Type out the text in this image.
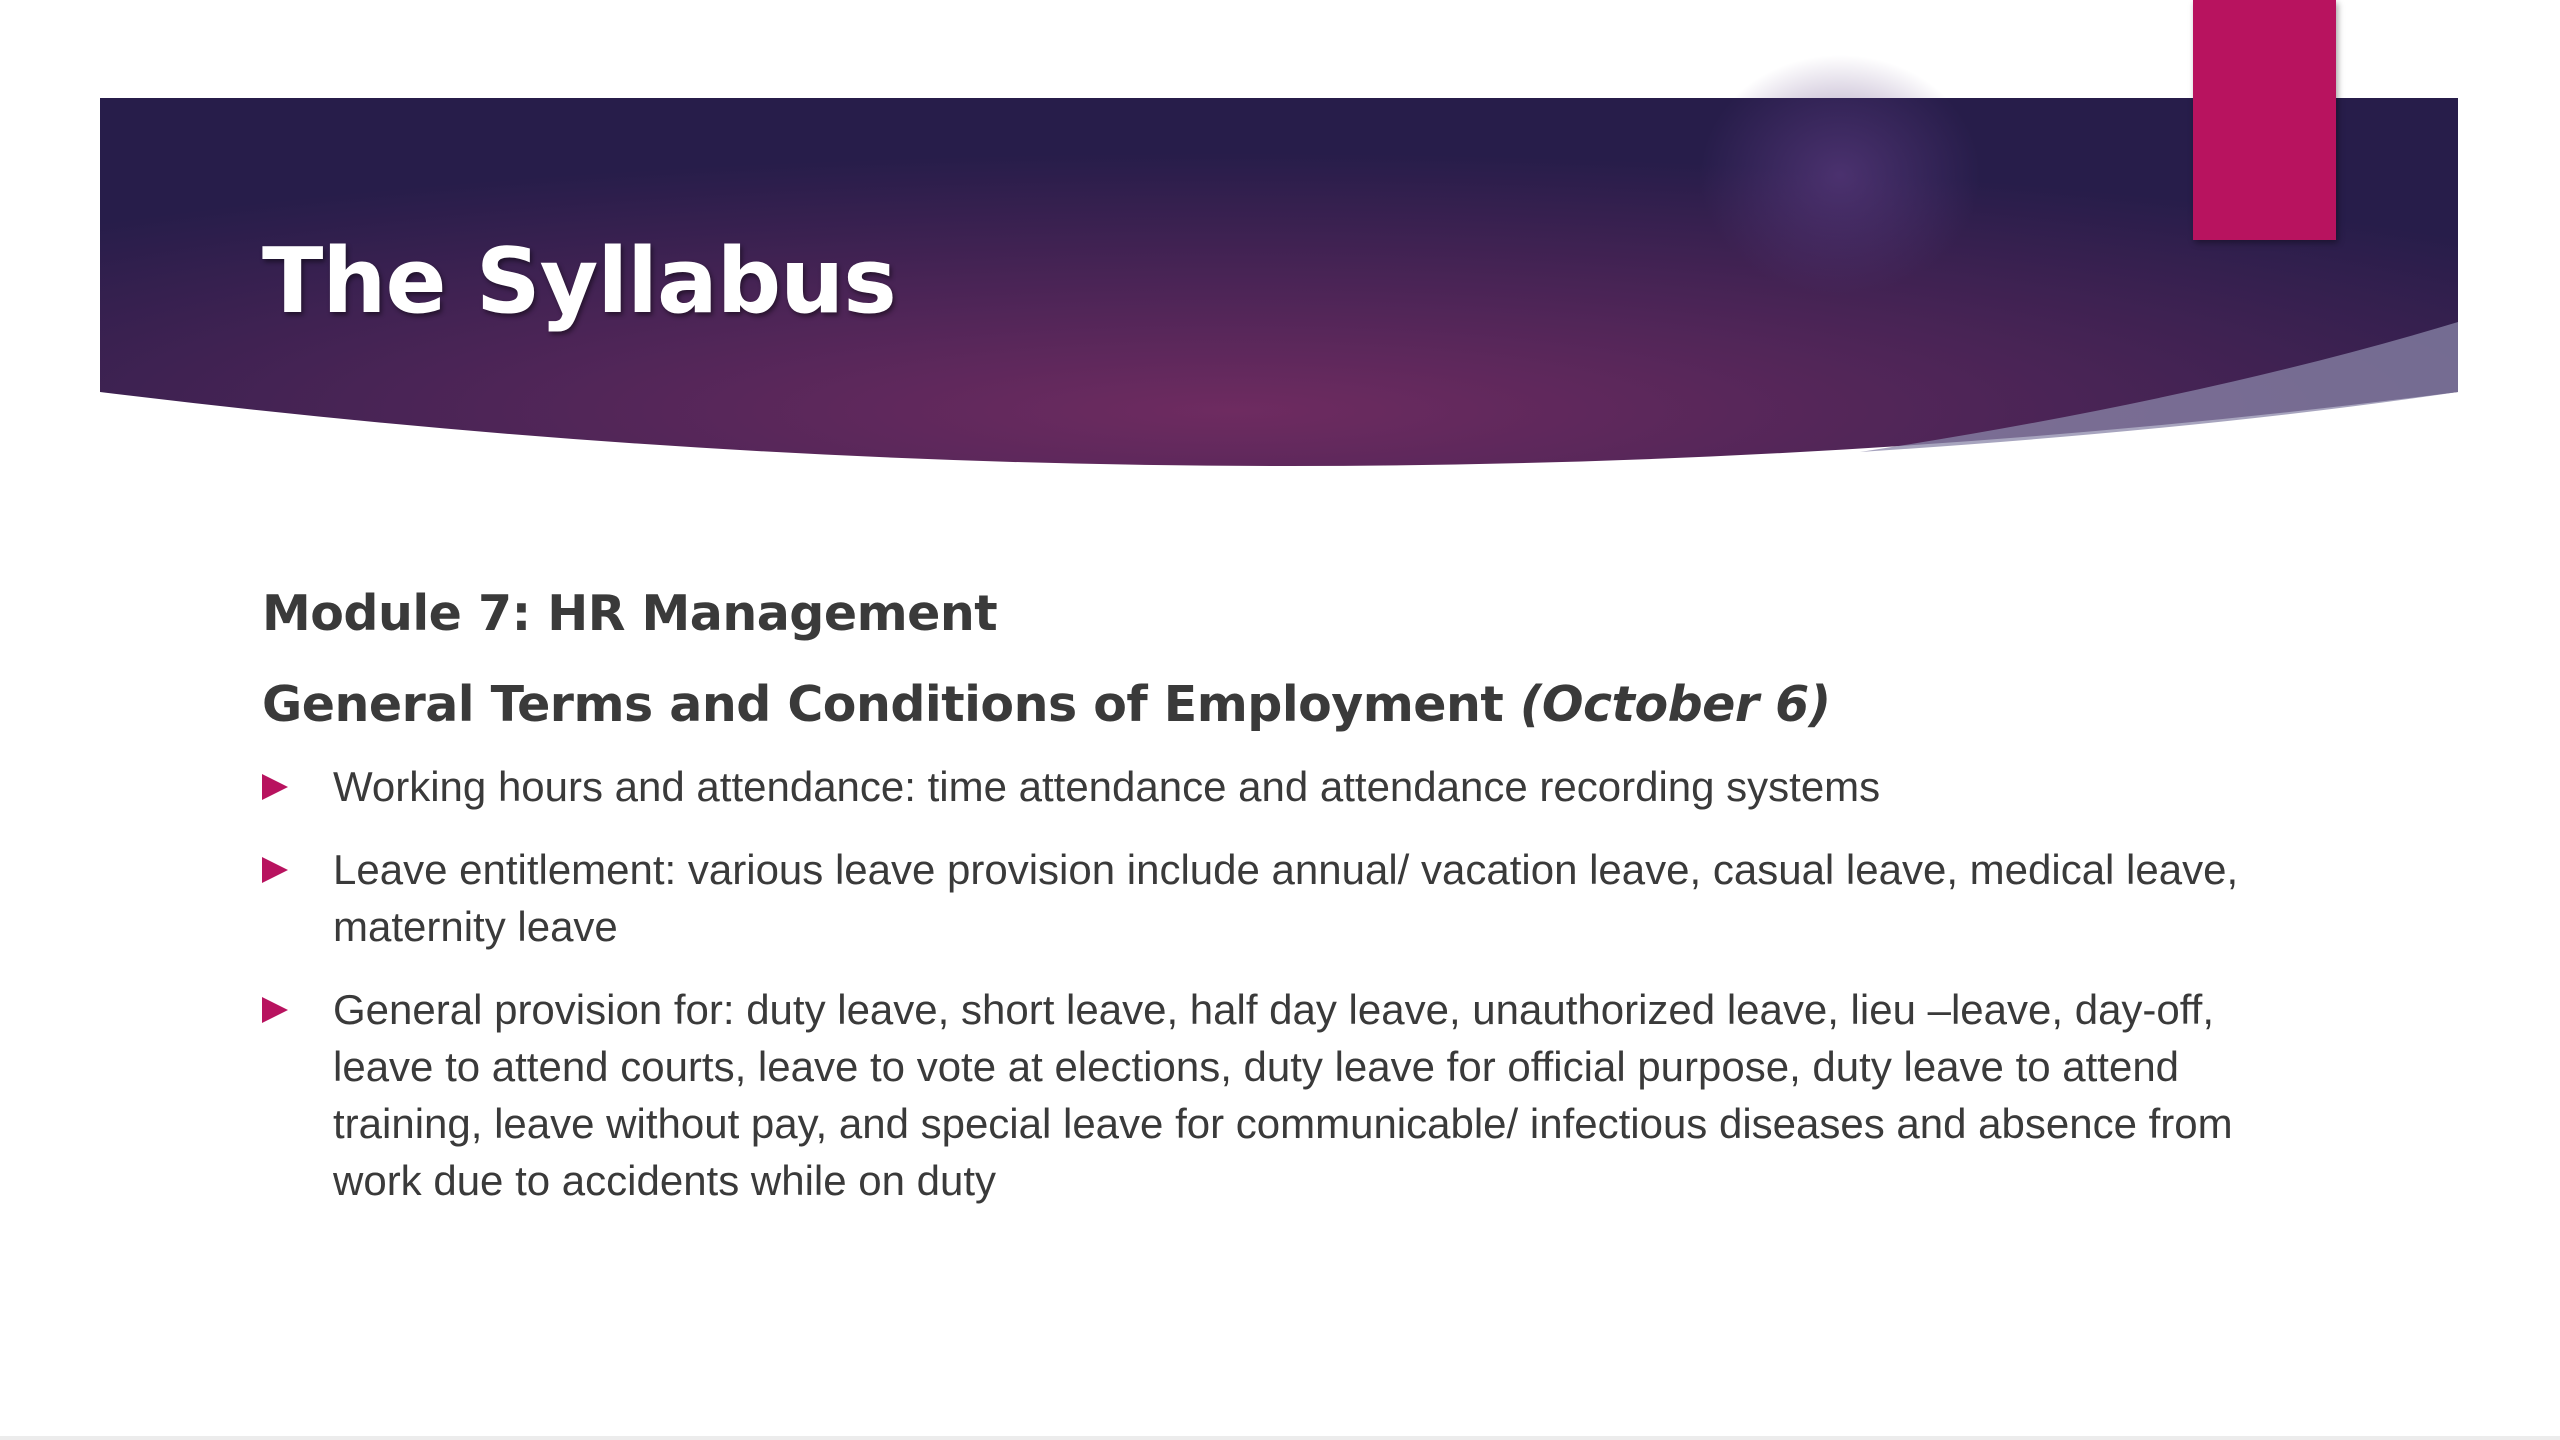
The Syllabus

Module 7: HR Management

General Terms and Conditions of Employment (October 6)

Working hours and attendance: time attendance and attendance recording systems
Leave entitlement: various leave provision include annual/ vacation leave, casual leave, medical leave, maternity leave
General provision for: duty leave, short leave, half day leave, unauthorized leave, lieu –leave, day-off, leave to attend courts, leave to vote at elections, duty leave for official purpose, duty leave to attend training, leave without pay, and special leave for communicable/ infectious diseases and absence from work due to accidents while on duty
